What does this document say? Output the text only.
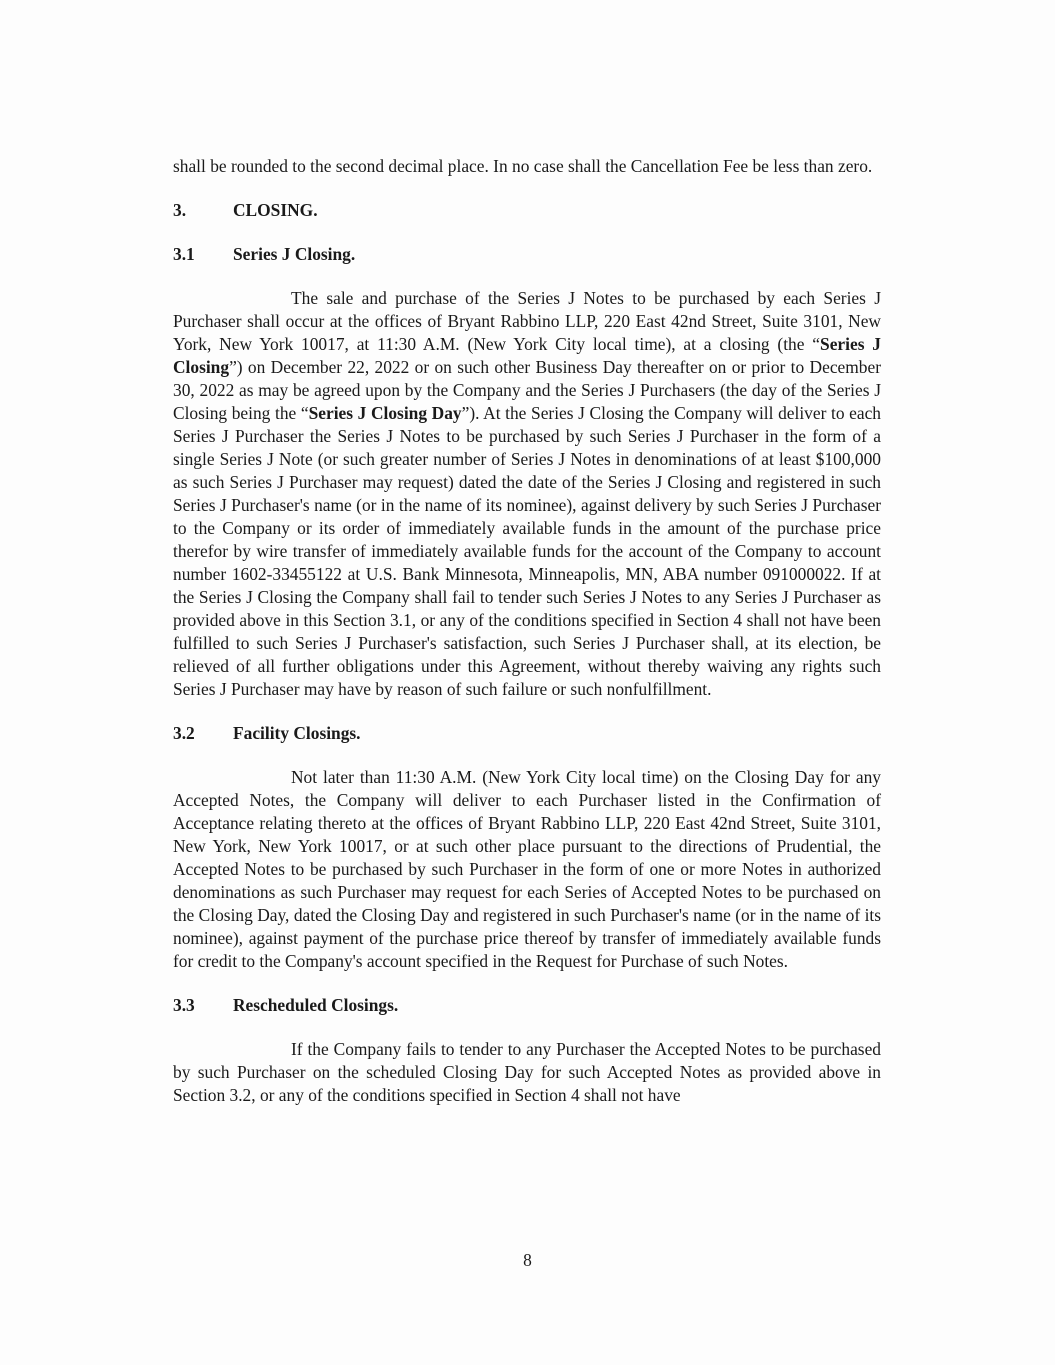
shall be rounded to the second decimal place. In no case shall the Cancellation Fee be less than zero.

3.	CLOSING.
3.1	Series J Closing.

The sale and purchase of the Series J Notes to be purchased by each Series J Purchaser shall occur at the offices of Bryant Rabbino LLP, 220 East 42nd Street, Suite 3101, New York, New York 10017, at 11:30 A.M. (New York City local time), at a closing (the “Series J Closing”) on December 22, 2022 or on such other Business Day thereafter on or prior to December 30, 2022 as may be agreed upon by the Company and the Series J Purchasers (the day of the Series J Closing being the “Series J Closing Day”). At the Series J Closing the Company will deliver to each Series J Purchaser the Series J Notes to be purchased by such Series J Purchaser in the form of a single Series J Note (or such greater number of Series J Notes in denominations of at least $100,000 as such Series J Purchaser may request) dated the date of the Series J Closing and registered in such Series J Purchaser's name (or in the name of its nominee), against delivery by such Series J Purchaser to the Company or its order of immediately available funds in the amount of the purchase price therefor by wire transfer of immediately available funds for the account of the Company to account number 1602-33455122 at U.S. Bank Minnesota, Minneapolis, MN, ABA number 091000022. If at the Series J Closing the Company shall fail to tender such Series J Notes to any Series J Purchaser as provided above in this Section 3.1, or any of the conditions specified in Section 4 shall not have been fulfilled to such Series J Purchaser's satisfaction, such Series J Purchaser shall, at its election, be relieved of all further obligations under this Agreement, without thereby waiving any rights such Series J Purchaser may have by reason of such failure or such nonfulfillment.

3.2	Facility Closings.

Not later than 11:30 A.M. (New York City local time) on the Closing Day for any Accepted Notes, the Company will deliver to each Purchaser listed in the Confirmation of Acceptance relating thereto at the offices of Bryant Rabbino LLP, 220 East 42nd Street, Suite 3101, New York, New York 10017, or at such other place pursuant to the directions of Prudential, the Accepted Notes to be purchased by such Purchaser in the form of one or more Notes in authorized denominations as such Purchaser may request for each Series of Accepted Notes to be purchased on the Closing Day, dated the Closing Day and registered in such Purchaser's name (or in the name of its nominee), against payment of the purchase price thereof by transfer of immediately available funds for credit to the Company's account specified in the Request for Purchase of such Notes.

3.3	Rescheduled Closings.

If the Company fails to tender to any Purchaser the Accepted Notes to be purchased by such Purchaser on the scheduled Closing Day for such Accepted Notes as provided above in Section 3.2, or any of the conditions specified in Section 4 shall not have

8
